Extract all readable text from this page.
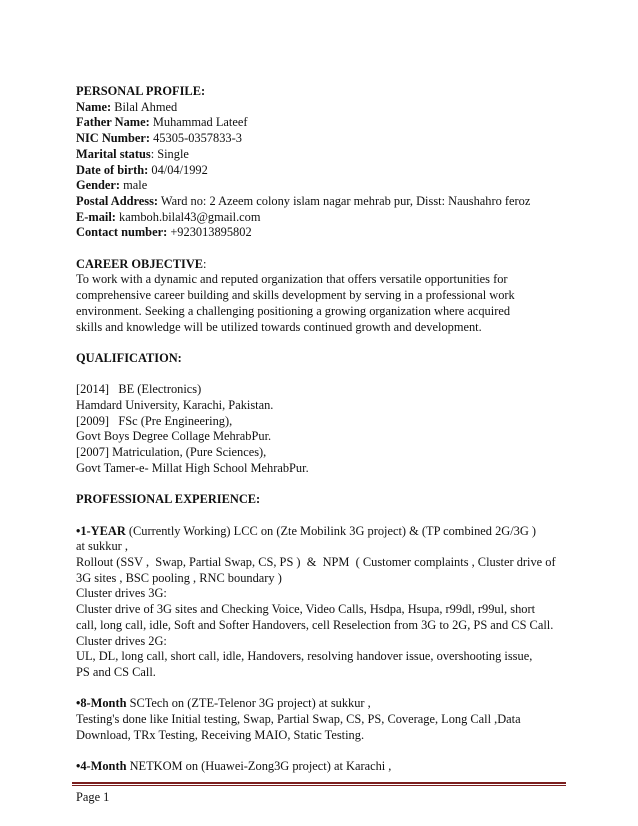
PERSONAL PROFILE:
Name: Bilal Ahmed
Father Name: Muhammad Lateef
NIC Number: 45305-0357833-3
Marital status: Single
Date of birth: 04/04/1992
Gender: male
Postal Address: Ward no: 2 Azeem colony islam nagar mehrab pur, Disst: Naushahro feroz
E-mail: kamboh.bilal43@gmail.com
Contact number: +923013895802
CAREER OBJECTIVE:
To work with a dynamic and reputed organization that offers versatile opportunities for
comprehensive career building and skills development by serving in a professional work
environment. Seeking a challenging positioning a growing organization where acquired
skills and knowledge will be utilized towards continued growth and development.
QUALIFICATION:
[2014]   BE (Electronics)
Hamdard University, Karachi, Pakistan.
[2009]   FSc (Pre Engineering),
Govt Boys Degree Collage MehrabPur.
[2007] Matriculation, (Pure Sciences),
Govt Tamer-e- Millat High School MehrabPur.
PROFESSIONAL EXPERIENCE:
•1-YEAR (Currently Working) LCC on (Zte Mobilink 3G project) & (TP combined 2G/3G )
at sukkur ,
Rollout (SSV ,  Swap, Partial Swap, CS, PS )  &  NPM  ( Customer complaints , Cluster drive of
3G sites , BSC pooling , RNC boundary )
Cluster drives 3G:
Cluster drive of 3G sites and Checking Voice, Video Calls, Hsdpa, Hsupa, r99dl, r99ul, short
call, long call, idle, Soft and Softer Handovers, cell Reselection from 3G to 2G, PS and CS Call.
Cluster drives 2G:
UL, DL, long call, short call, idle, Handovers, resolving handover issue, overshooting issue,
PS and CS Call.
•8-Month SCTech on (ZTE-Telenor 3G project) at sukkur ,
Testing's done like Initial testing, Swap, Partial Swap, CS, PS, Coverage, Long Call ,Data
Download, TRx Testing, Receiving MAIO, Static Testing.
•4-Month NETKOM on (Huawei-Zong3G project) at Karachi ,
Page 1
